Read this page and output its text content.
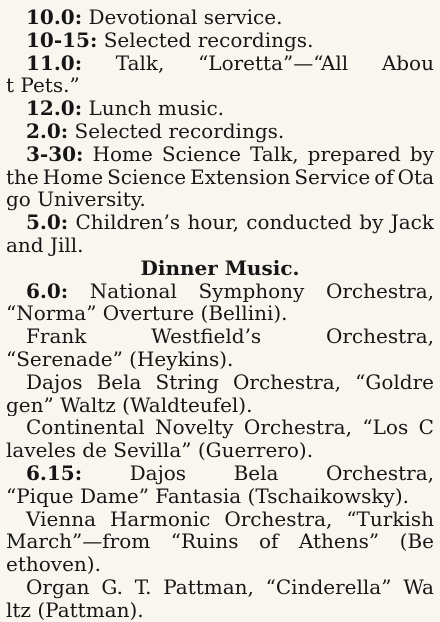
10.0: Devotional service.
10-15: Selected recordings.
11.0: Talk, “Loretta”—“All Abou
t Pets.”
12.0: Lunch music.
2.0: Selected recordings.
3-30: Home Science Talk, prepared by
the Home Science Extension Service of Ota
go University.
5.0: Children’s hour, conducted by Jack
and Jill.
Dinner Music.
6.0: National Symphony Orchestra,
“Norma” Overture (Bellini).
Frank	Westfield’s	Orchestra,
“Serenade” (Heykins).
Dajos Bela String Orchestra, “Goldre
gen” Waltz (Waldteufel).
Continental Novelty Orchestra, “Los C
laveles de Sevilla” (Guerrero).
6.15: Dajos Bela Orchestra,
“Pique Dame” Fantasia (Tschaikowsky).
Vienna Harmonic Orchestra, “Turkish
March”—from “Ruins of Athens” (Be
ethoven).
Organ G. T. Pattman, “Cinderella” Wa
ltz (Pattman).
